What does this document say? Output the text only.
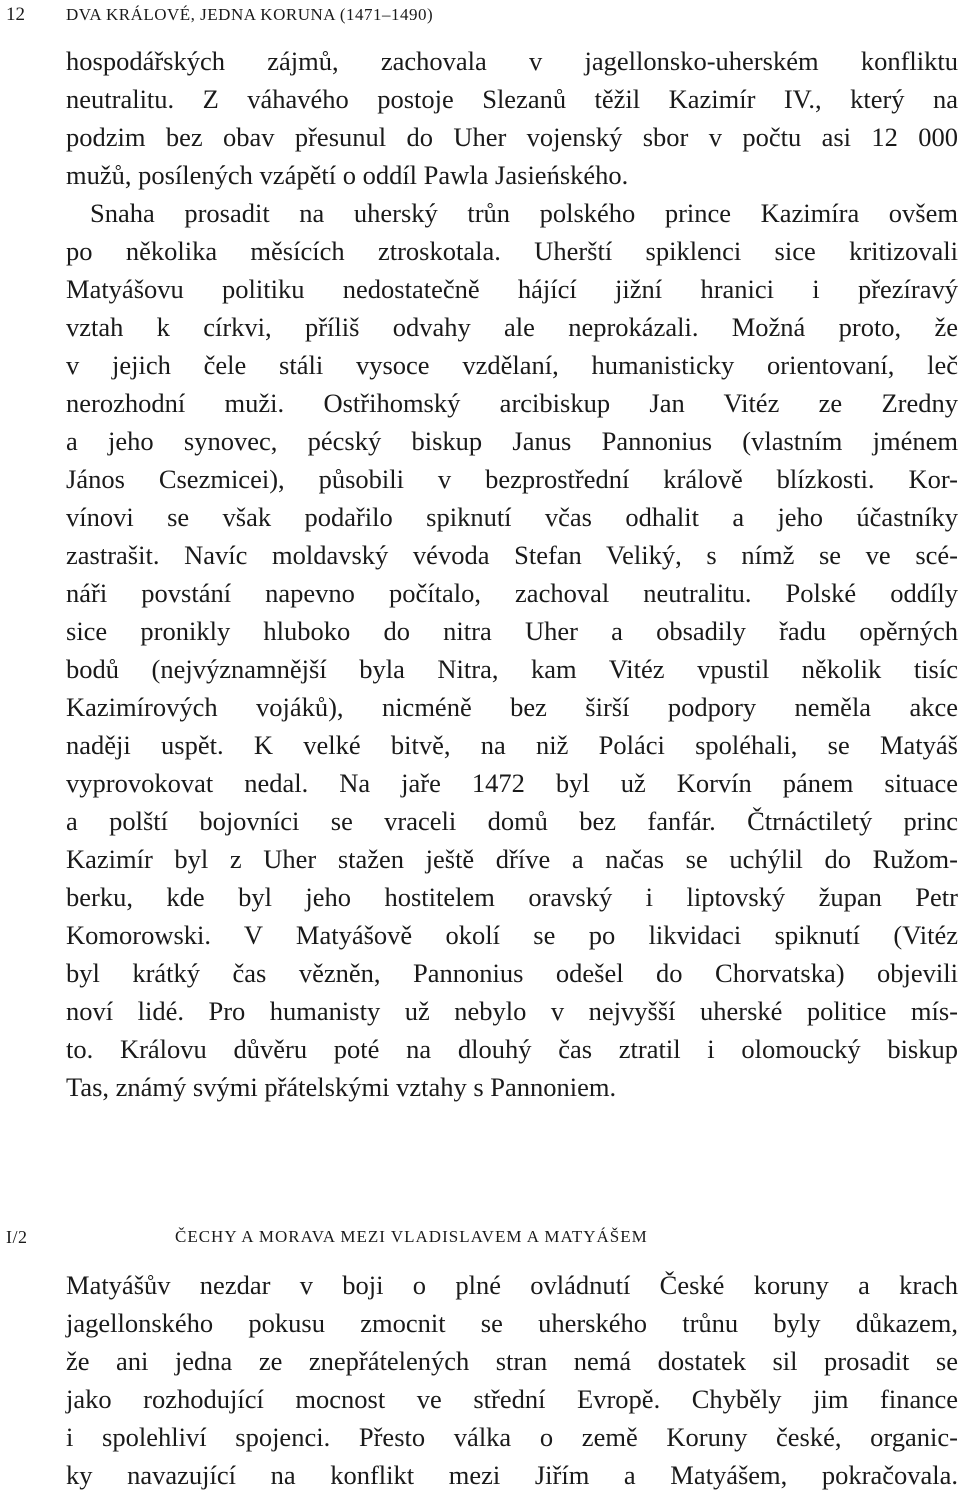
12 DVA KRÁLOVÉ, JEDNA KORUNA (1471–1490)
hospodářských zájmů, zachovala v jagellonsko-uherském konfliktu
neutralitu. Z váhavého postoje Slezanů těžil Kazimír IV., který na
podzim bez obav přesunul do Uher vojenský sbor v počtu asi 12 000
mužů, posílených vzápětí o oddíl Pawla Jasieńského.
Snaha prosadit na uherský trůn polského prince Kazimíra ovšem
po několika měsících ztroskotala. Uherští spiklenci sice kritizovali
Matyášovu politiku nedostatečně hájící jižní hranici i přezíravý
vztah k církvi, příliš odvahy ale neprokázali. Možná proto, že
v jejich čele stáli vysoce vzdělaní, humanisticky orientovaní, leč
nerozhodní muži. Ostřihomský arcibiskup Jan Vitéz ze Zredny
a jeho synovec, pécský biskup Janus Pannonius (vlastním jménem
János Csezmicei), působili v bezprostřední králově blízkosti. Kor-
vínovi se však podařilo spiknutí včas odhalit a jeho účastníky
zastrašit. Navíc moldavský vévoda Stefan Veliký, s nímž se ve scé-
náři povstání napevno počítalo, zachoval neutralitu. Polské oddíly
sice pronikly hluboko do nitra Uher a obsadily řadu opěrných
bodů (nejvýznamnější byla Nitra, kam Vitéz vpustil několik tisíc
Kazimírových vojáků), nicméně bez širší podpory neměla akce
naději uspět. K velké bitvě, na niž Poláci spoléhali, se Matyáš
vyprovokovat nedal. Na jaře 1472 byl už Korvín pánem situace
a polští bojovníci se vraceli domů bez fanfár. Čtrnáctiletý princ
Kazimír byl z Uher stažen ještě dříve a načas se uchýlil do Ružom-
berku, kde byl jeho hostitelem oravský i liptovský župan Petr
Komorowski. V Matyášově okolí se po likvidaci spiknutí (Vitéz
byl krátký čas vězněn, Pannonius odešel do Chorvatska) objevili
noví lidé. Pro humanisty už nebylo v nejvyšší uherské politice mís-
to. Královu důvěru poté na dlouhý čas ztratil i olomoucký biskup
Tas, známý svými přátelskými vztahy s Pannoniem.
I/2	ČECHY A MORAVA MEZI VLADISLAVEM A MATYÁŠEM
Matyášův nezdar v boji o plné ovládnutí České koruny a krach
jagellonského pokusu zmocnit se uherského trůnu byly důkazem,
že ani jedna ze znepřátelených stran nemá dostatek sil prosadit se
jako rozhodující mocnost ve střední Evropě. Chyběly jim finance
i spolehliví spojenci. Přesto válka o země Koruny české, organic-
ky navazující na konflikt mezi Jiřím a Matyášem, pokračovala.
